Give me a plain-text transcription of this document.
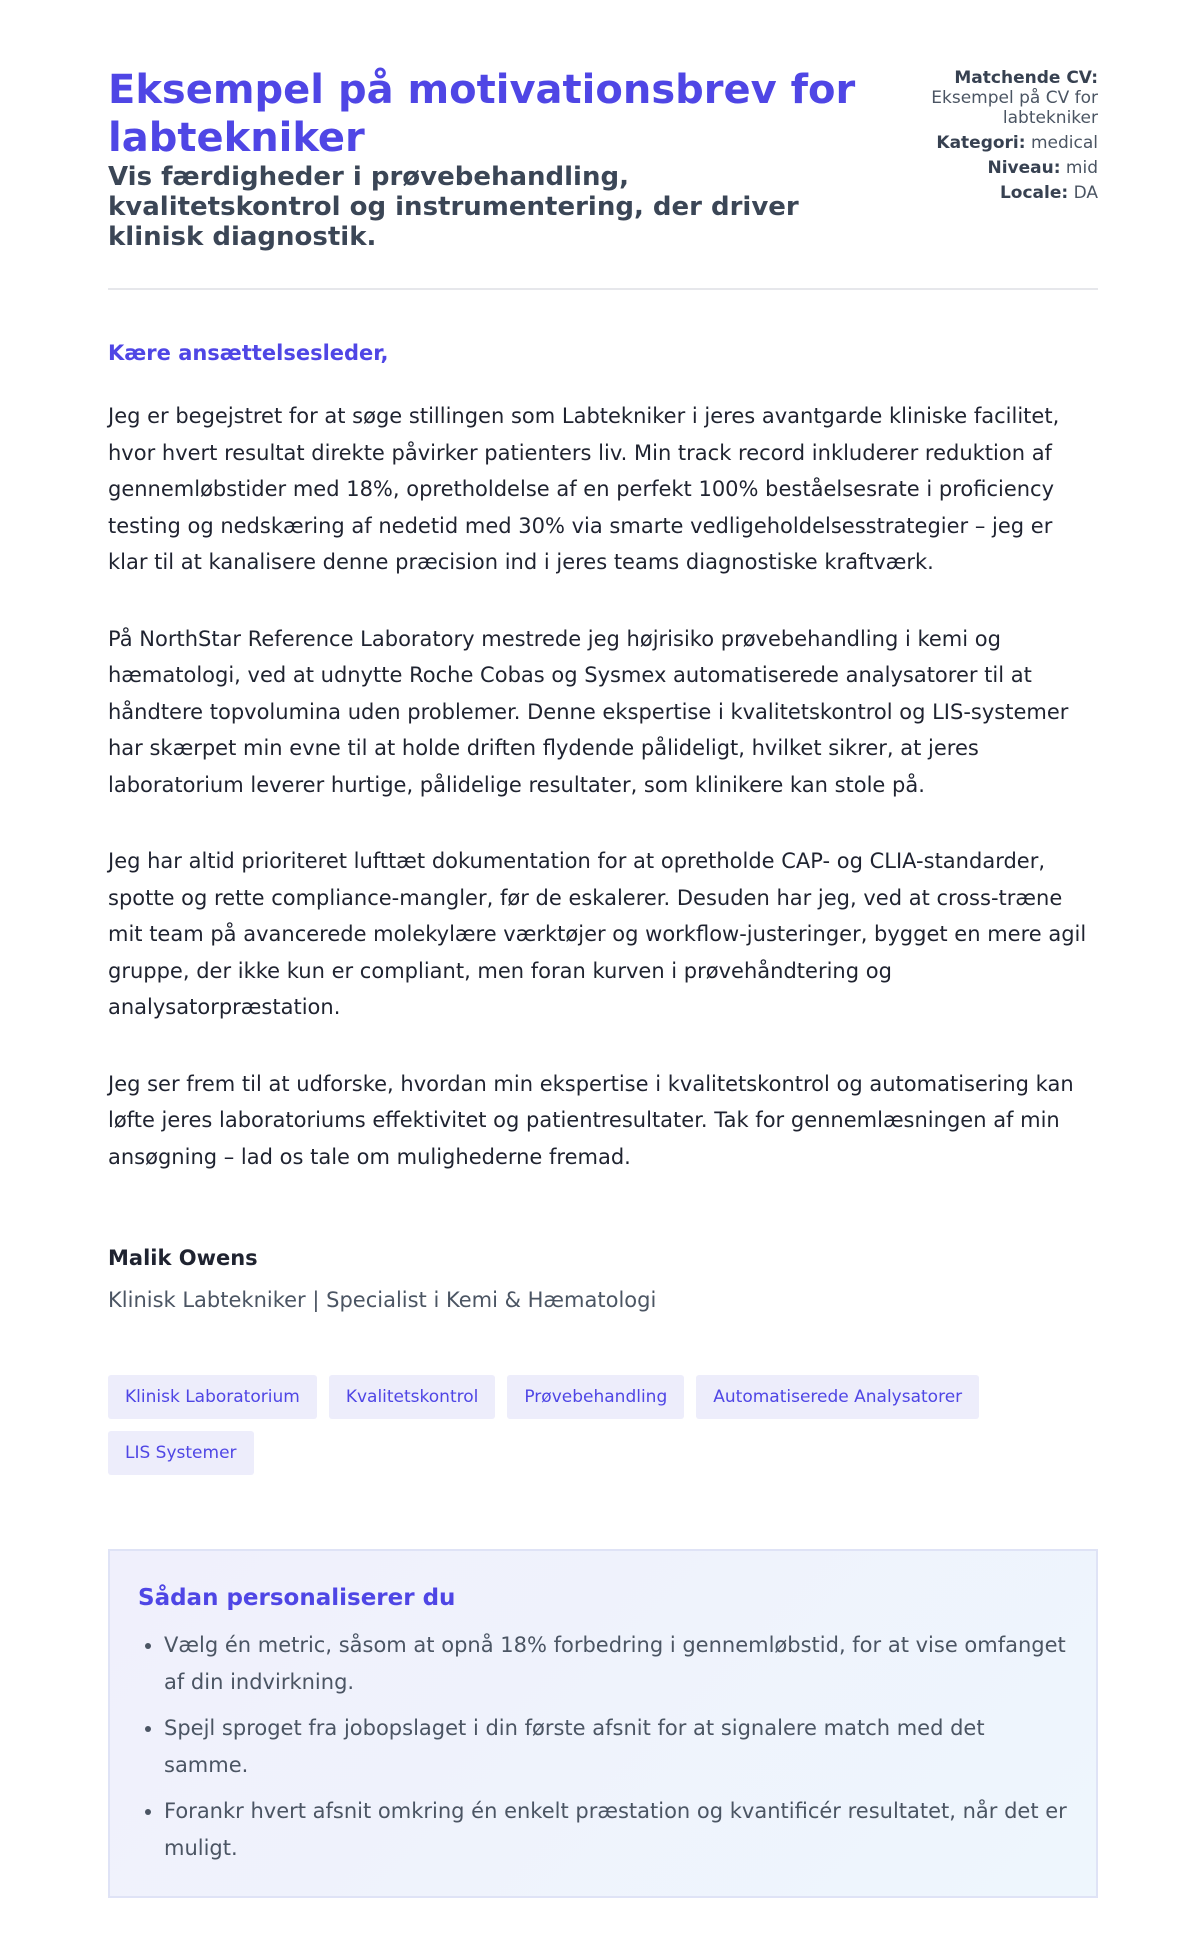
Eksempel på motivationsbrev for labtekniker

Vis færdigheder i prøvebehandling, kvalitetskontrol og instrumentering, der driver klinisk diagnostik.

Matchende CV:
Eksempel på CV for labtekniker
Kategori: medical
Niveau: mid
Locale: DA

Kære ansættelsesleder,

Jeg er begejstret for at søge stillingen som Labtekniker i jeres avantgarde kliniske facilitet, hvor hvert resultat direkte påvirker patienters liv. Min track record inkluderer reduktion af gennemløbstider med 18%, opretholdelse af en perfekt 100% beståelsesrate i proficiency testing og nedskæring af nedetid med 30% via smarte vedligeholdelsesstrategier – jeg er klar til at kanalisere denne præcision ind i jeres teams diagnostiske kraftværk.

På NorthStar Reference Laboratory mestrede jeg højrisiko prøvebehandling i kemi og hæmatologi, ved at udnytte Roche Cobas og Sysmex automatiserede analysatorer til at håndtere topvolumina uden problemer. Denne ekspertise i kvalitetskontrol og LIS-systemer har skærpet min evne til at holde driften flydende pålideligt, hvilket sikrer, at jeres laboratorium leverer hurtige, pålidelige resultater, som klinikere kan stole på.

Jeg har altid prioriteret lufttæt dokumentation for at opretholde CAP- og CLIA-standarder, spotte og rette compliance-mangler, før de eskalerer. Desuden har jeg, ved at cross-træne mit team på avancerede molekylære værktøjer og workflow-justeringer, bygget en mere agil gruppe, der ikke kun er compliant, men foran kurven i prøvehåndtering og analysatorpræstation.

Jeg ser frem til at udforske, hvordan min ekspertise i kvalitetskontrol og automatisering kan løfte jeres laboratoriums effektivitet og patientresultater. Tak for gennemlæsningen af min ansøgning – lad os tale om mulighederne fremad.

Malik Owens
Klinisk Labtekniker | Specialist i Kemi & Hæmatologi
Klinisk Laboratorium	Kvalitetskontrol	Prøvebehandling	Automatiserede Analysatorer
LIS Systemer
Sådan personaliserer du
• Vælg én metric, såsom at opnå 18% forbedring i gennemløbstid, for at vise omfanget af din indvirkning.
• Spejl sproget fra jobopslaget i din første afsnit for at signalere match med det samme.
• Forankr hvert afsnit omkring én enkelt præstation og kvantificér resultatet, når det er muligt.
